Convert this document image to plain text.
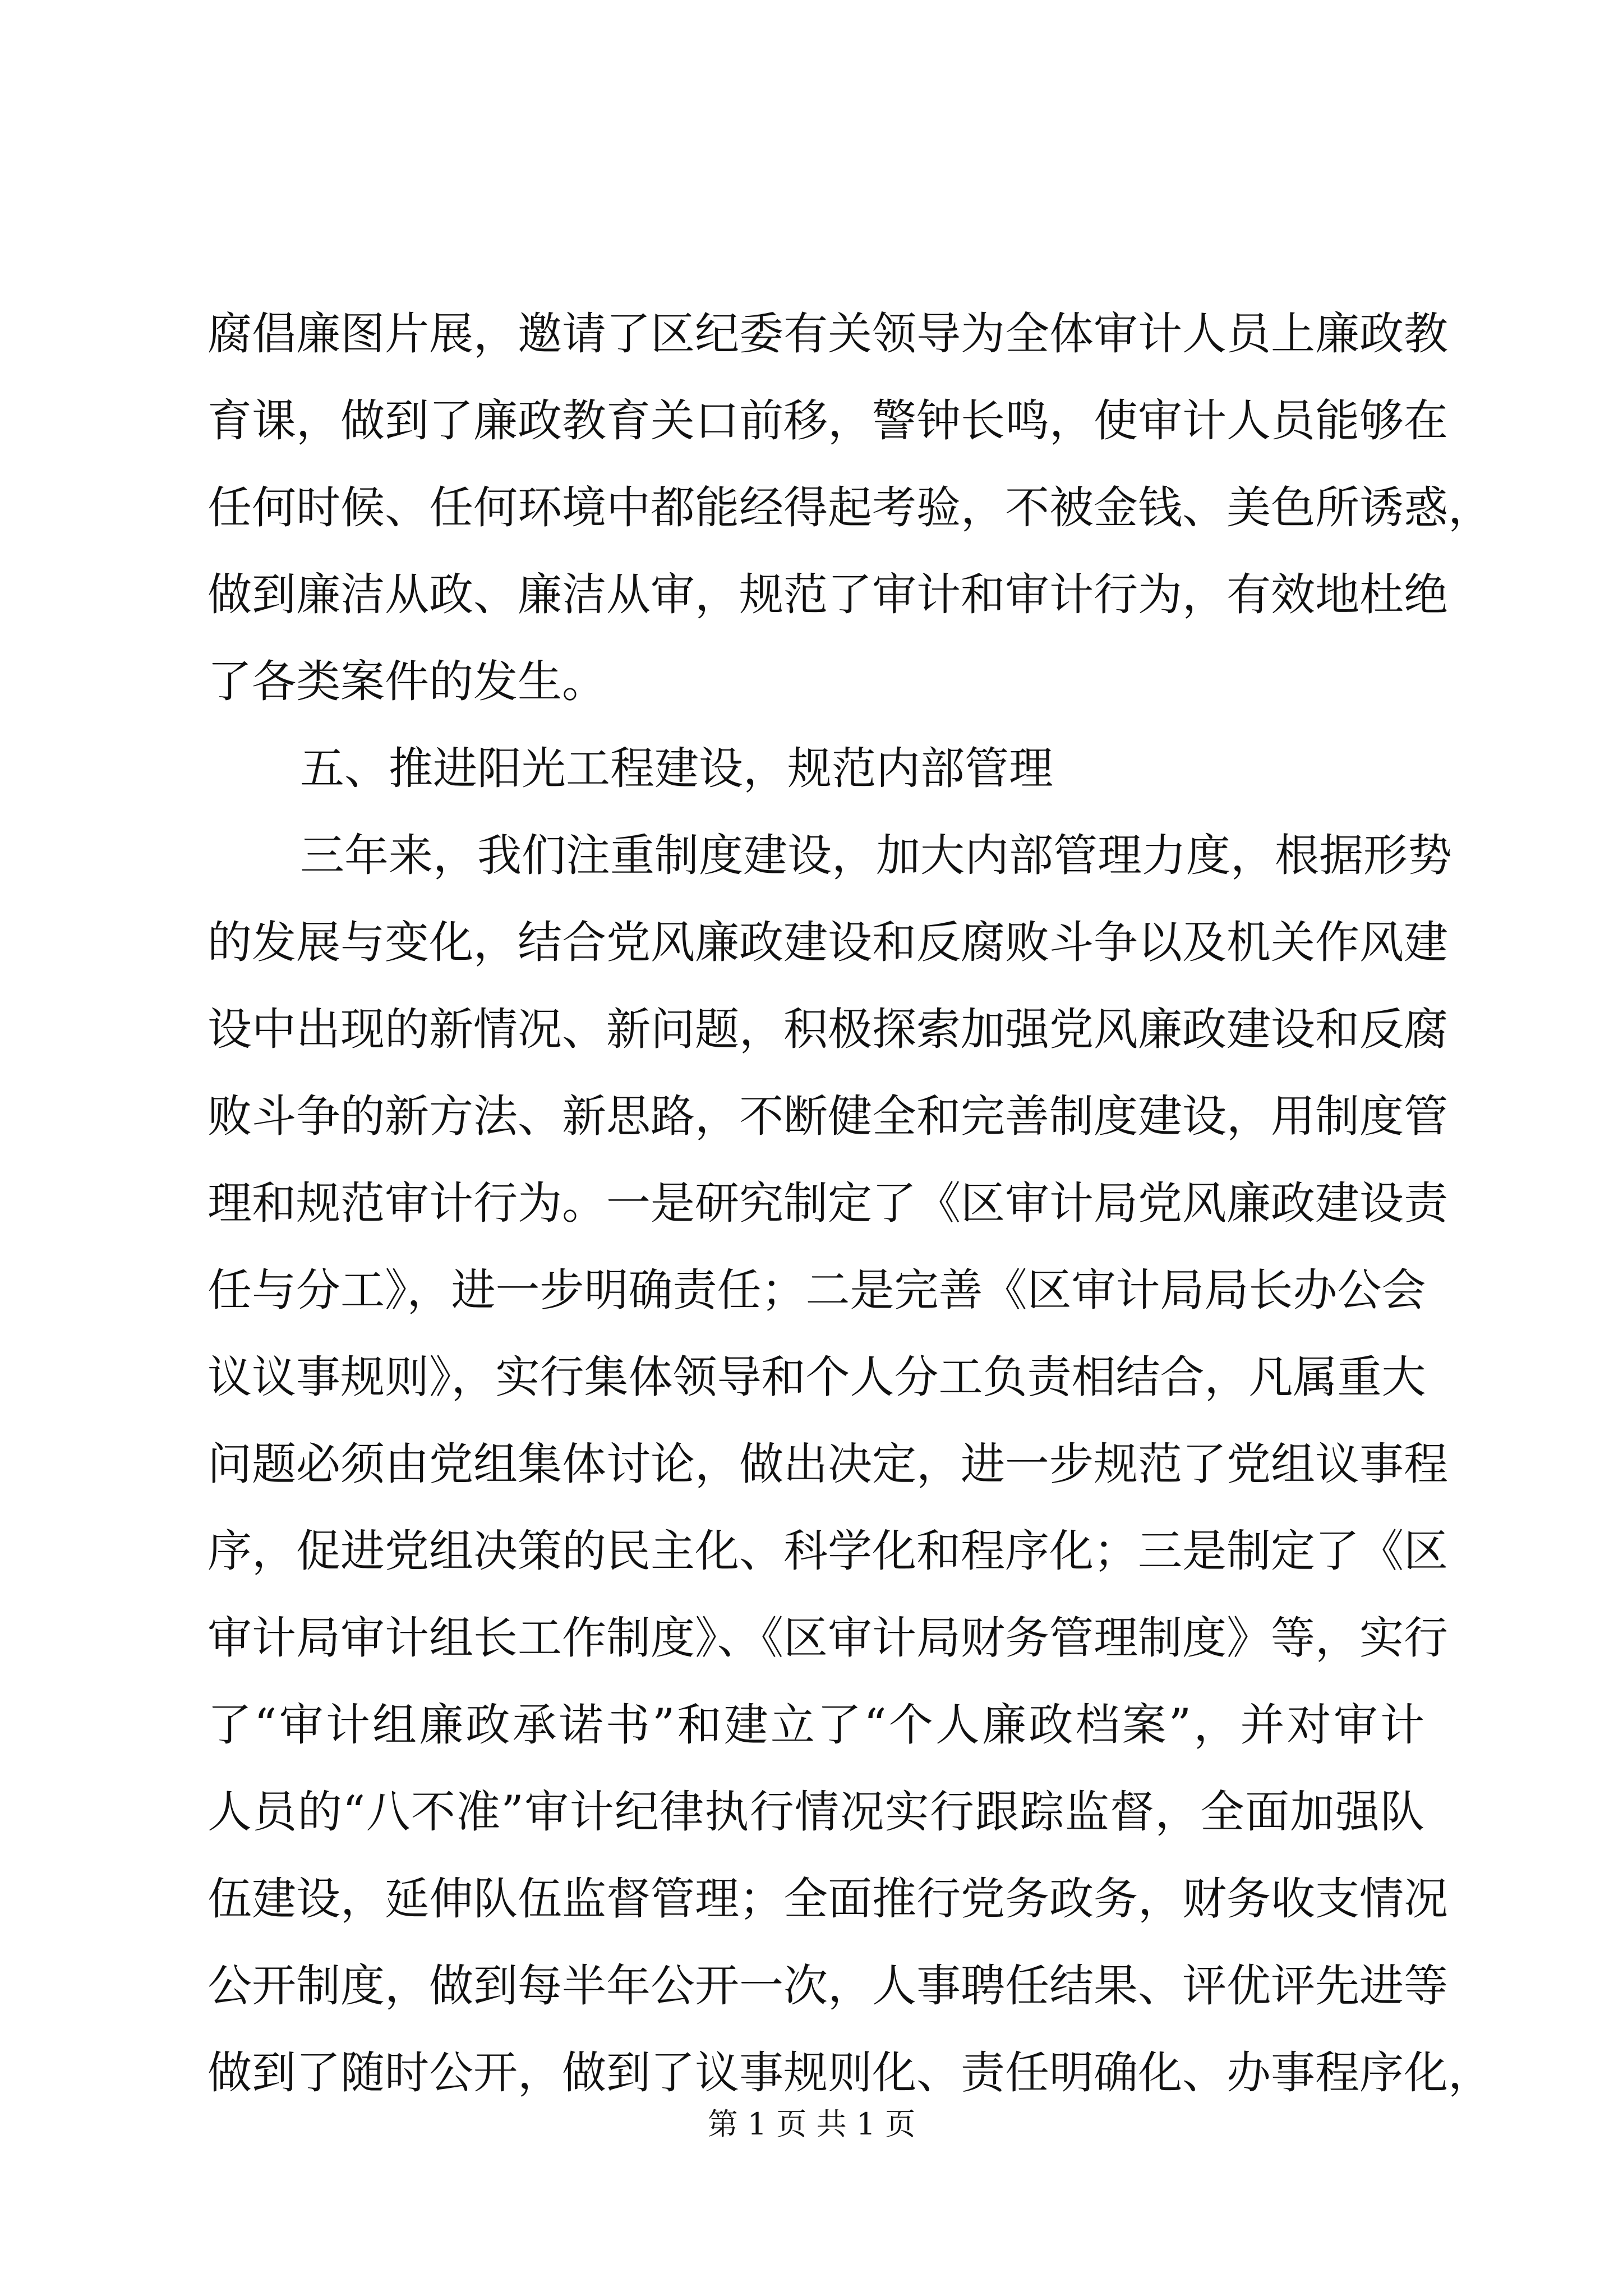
腐倡廉图片展，邀请了区纪委有关领导为全体审计人员上廉政教
育课，做到了廉政教育关口前移，警钟长鸣，使审计人员能够在
任何时候、任何环境中都能经得起考验，不被金钱、美色所诱惑，
做到廉洁从政、廉洁从审，规范了审计和审计行为，有效地杜绝
了各类案件的发生。
五、推进阳光工程建设，规范内部管理
三年来，我们注重制度建设，加大内部管理力度，根据形势
的发展与变化，结合党风廉政建设和反腐败斗争以及机关作风建
设中出现的新情况、新问题，积极探索加强党风廉政建设和反腐
败斗争的新方法、新思路，不断健全和完善制度建设，用制度管
理和规范审计行为。一是研究制定了《区审计局党风廉政建设责
任与分工》，进一步明确责任；二是完善《区审计局局长办公会
议议事规则》，实行集体领导和个人分工负责相结合，凡属重大
问题必须由党组集体讨论，做出决定，进一步规范了党组议事程
序，促进党组决策的民主化、科学化和程序化；三是制定了《区
审计局审计组长工作制度》、《区审计局财务管理制度》等，实行
了“审计组廉政承诺书”和建立了“个人廉政档案”，并对审计
人员的“八不准”审计纪律执行情况实行跟踪监督，全面加强队
伍建设，延伸队伍监督管理；全面推行党务政务，财务收支情况
公开制度，做到每半年公开一次，人事聘任结果、评优评先进等
做到了随时公开，做到了议事规则化、责任明确化、办事程序化，
第 1 页 共 1 页
